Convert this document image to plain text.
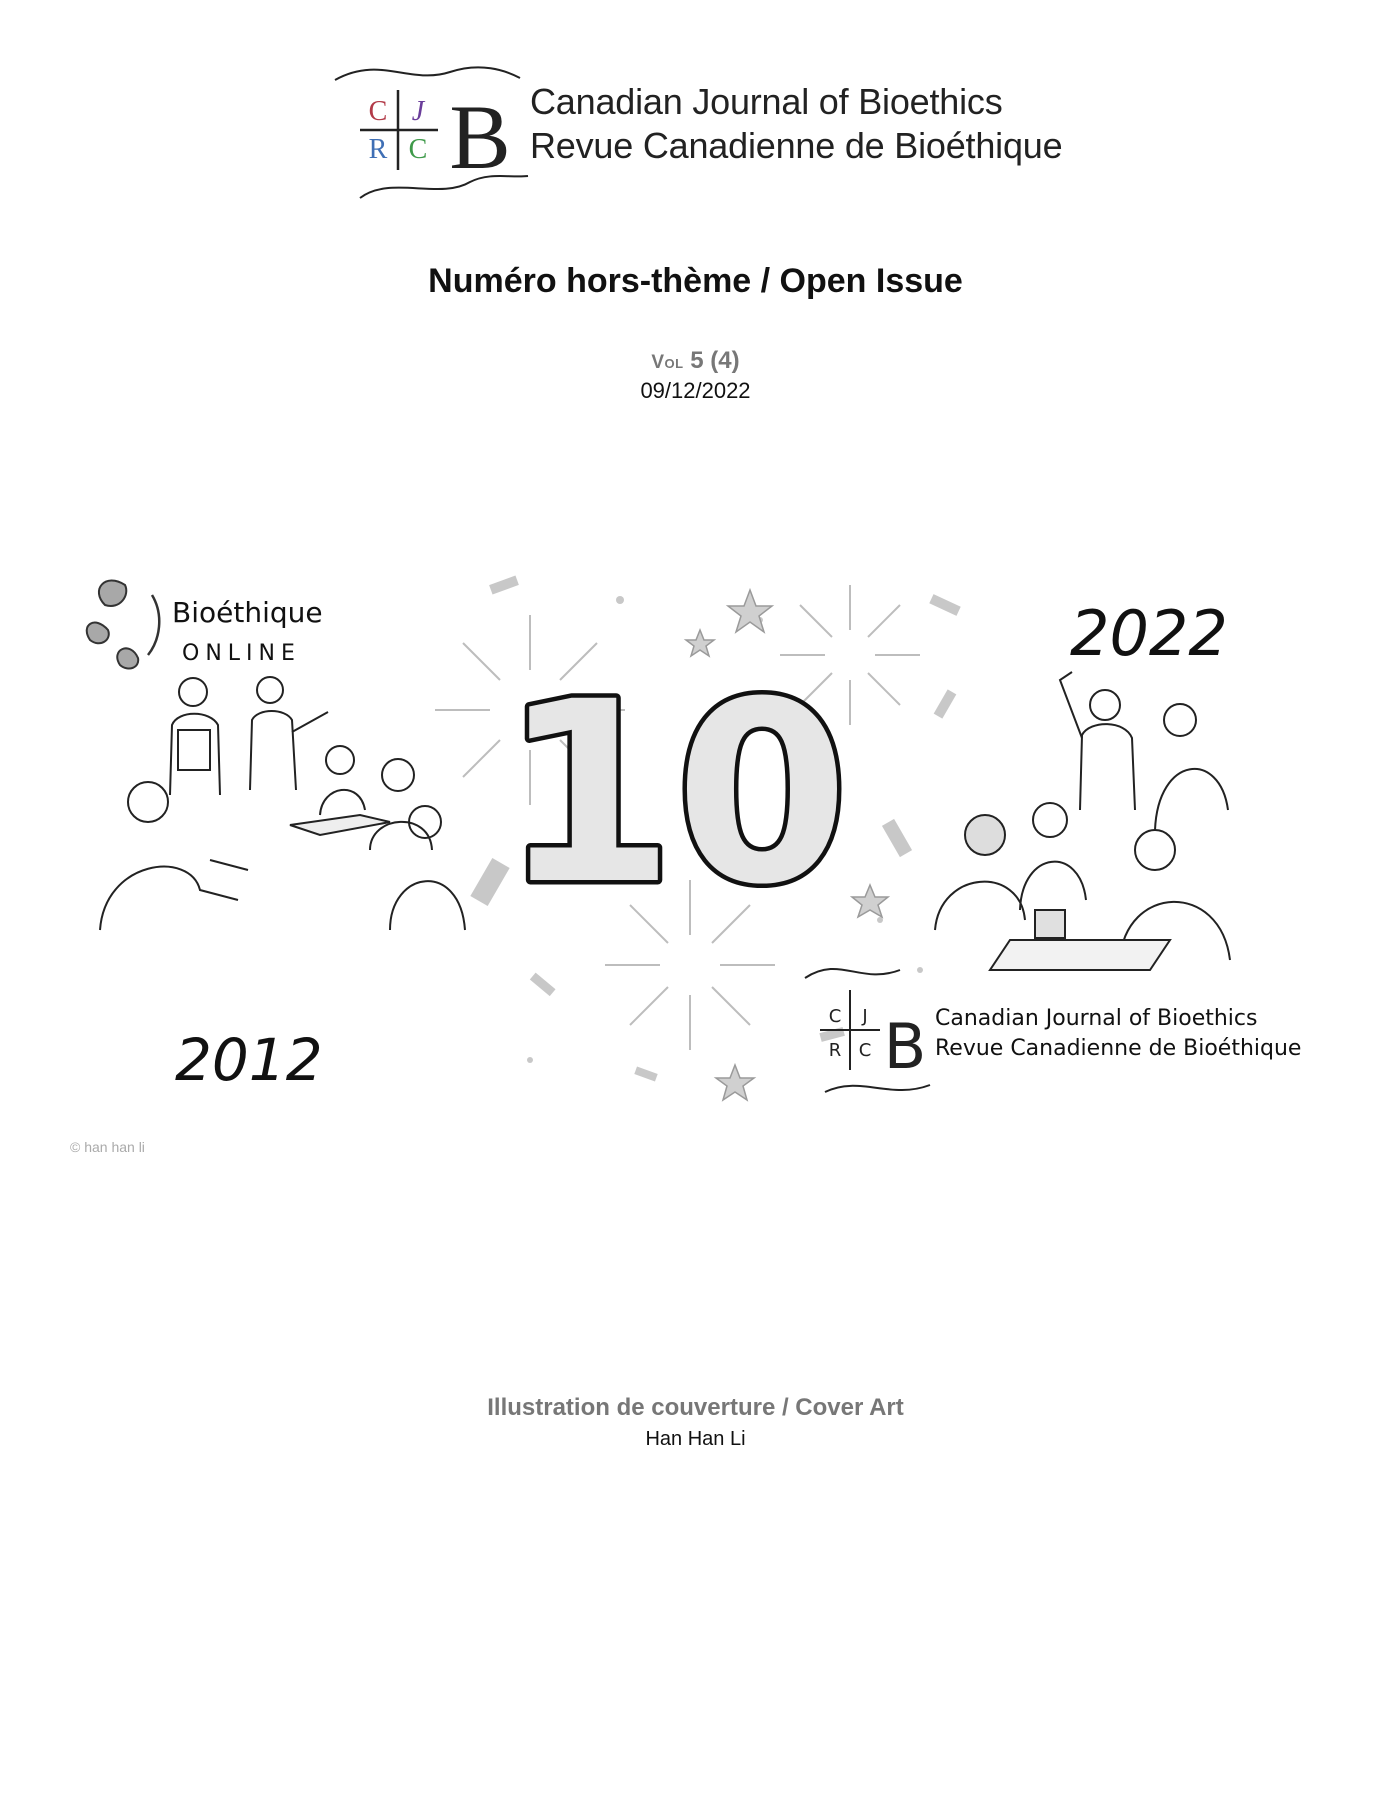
C J
R C B Canadian Journal of Bioethics
Revue Canadienne de Bioéthique
Numéro hors-thème / Open Issue
Vol 5 (4)
09/12/2022
Bioéthique
ONLINE
2012
10
2022
C J
R C B Canadian Journal of Bioethics
Revue Canadienne de Bioéthique
© han han li
Illustration de couverture / Cover Art
Han Han Li
